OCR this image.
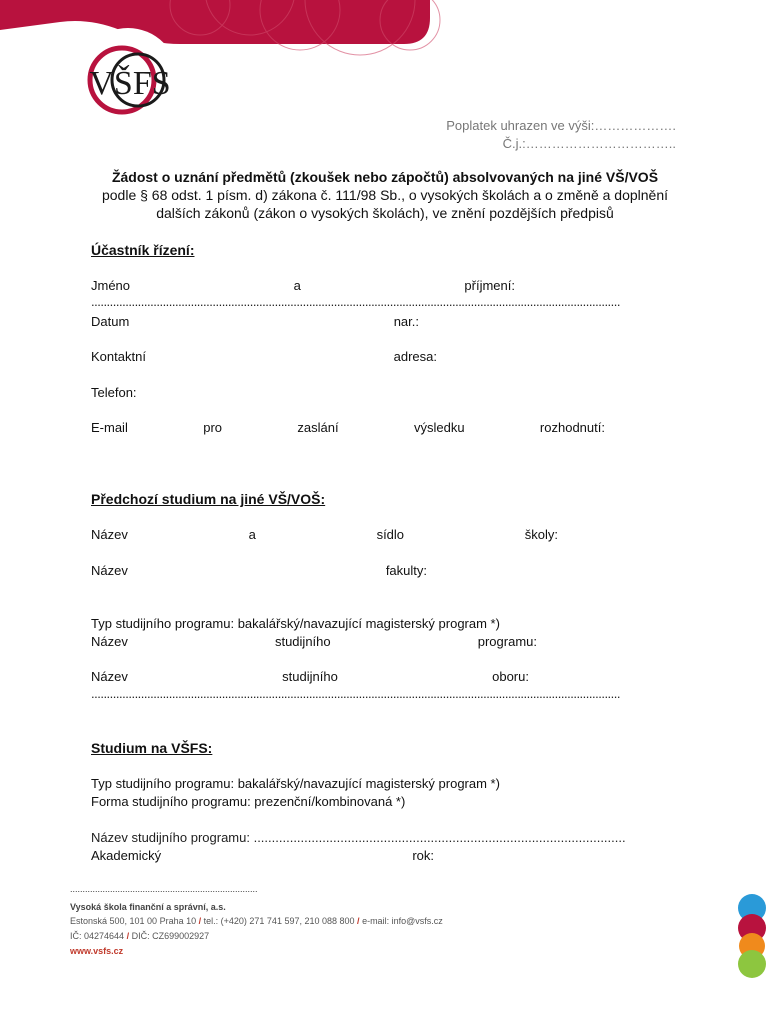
VŠFS
Poplatek uhrazen ve výši:……………….
Č.j.:……………………………..
Žádost o uznání předmětů (zkoušek nebo zápočtů) absolvovaných na jiné VŠ/VOŠ
podle § 68 odst. 1 písm. d) zákona č. 111/98 Sb., o vysokých školách a o změně a doplnění
dalších zákonů (zákon o vysokých školách), ve znění pozdějších předpisů
Účastník řízení:
Jméno	a	příjmení:
..........................................................................................................................................................................
Datum	nar.:
Kontaktní	adresa:
Telefon:
E-mail	pro	zaslání	výsledku	rozhodnutí:
Předchozí studium na jiné VŠ/VOŠ:
Název	a	sídlo	školy:
Název	fakulty:
Typ studijního programu: bakalářský/navazující magisterský program *)
Název	studijního	programu:
Název	studijního	oboru:
..........................................................................................................................................................................
Studium na VŠFS:
Typ studijního programu: bakalářský/navazující magisterský program *)
Forma studijního programu: prezenční/kombinovaná *)
Název studijního programu: .......................................................................................................
Akademický	rok:
...........................................................................
Vysoká škola finanční a správní, a.s.
Estonská 500, 101 00 Praha 10 / tel.: (+420) 271 741 597, 210 088 800 / e-mail: info@vsfs.cz
IČ: 04274644 / DIČ: CZ699002927
www.vsfs.cz
